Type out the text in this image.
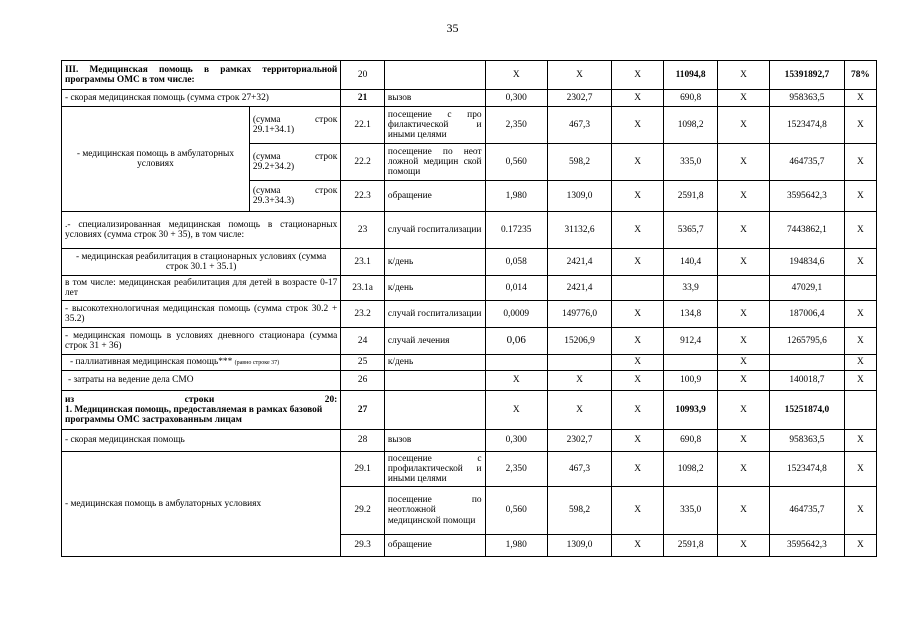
35
III. Медицинская помощь в рамках территориальной программы ОМС в том числе:		20		X	X	X	11094,8	X	15391892,7	78%
- скорая медицинская помощь (сумма строк 27+32)		21	вызов	0,300	2302,7	X	690,8	X	958363,5	X
- медицинская помощь в амбулаторных условиях	(сумма строк 29.1+34.1)	22.1	посещение с про филактической и иными целями	2,350	467,3	X	1098,2	X	1523474,8	X
	(сумма строк 29.2+34.2)	22.2	посещение по неот ложной медицин ской помощи	0,560	598,2	X	335,0	X	464735,7	X
	(сумма строк 29.3+34.3)	22.3	обращение	1,980	1309,0	X	2591,8	X	3595642,3	X
.- специализированная медицинская помощь в стационарных условиях (сумма строк 30 + 35), в том числе:		23	случай госпитализации	0.17235	31132,6	X	5365,7	X	7443862,1	X
- медицинская реабилитация в стационарных условиях (сумма строк 30.1 + 35.1)		23.1	к/день	0,058	2421,4	X	140,4	X	194834,6	X
в том числе: медицинская реабилитация для детей в возрасте 0-17 лет		23.1а	к/день	0,014	2421,4		33,9		47029,1	
- высокотехнологичная медицинская помощь (сумма строк 30.2 + 35.2)		23.2	случай госпитализации	0,0009	149776,0	X	134,8	X	187006,4	X
- медицинская помощь в условиях дневного стационара (сумма строк 31 + 36)		24	случай лечения	0,06	15206,9	X	912,4	X	1265795,6	X
- паллиативная медицинская помощь*** (равно строке 37)		25	к/день			X		X		X
- затраты на ведение дела СМО		26		X	X	X	100,9	X	140018,7	X

из строки 20:
1. Медицинская помощь, предоставляемая в рамках базовой программы ОМС застрахованным лицам		27		X	X	X	10993,9	X	15251874,0	
- скорая медицинская помощь		28	вызов	0,300	2302,7	X	690,8	X	958363,5	X
- медицинская помощь в амбулаторных условиях		29.1	посещение с профилактической и иными целями	2,350	467,3	X	1098,2	X	1523474,8	X
		29.2	посещение по неотложной медицинской помощи	0,560	598,2	X	335,0	X	464735,7	X
		29.3	обращение	1,980	1309,0	X	2591,8	X	3595642,3	X
